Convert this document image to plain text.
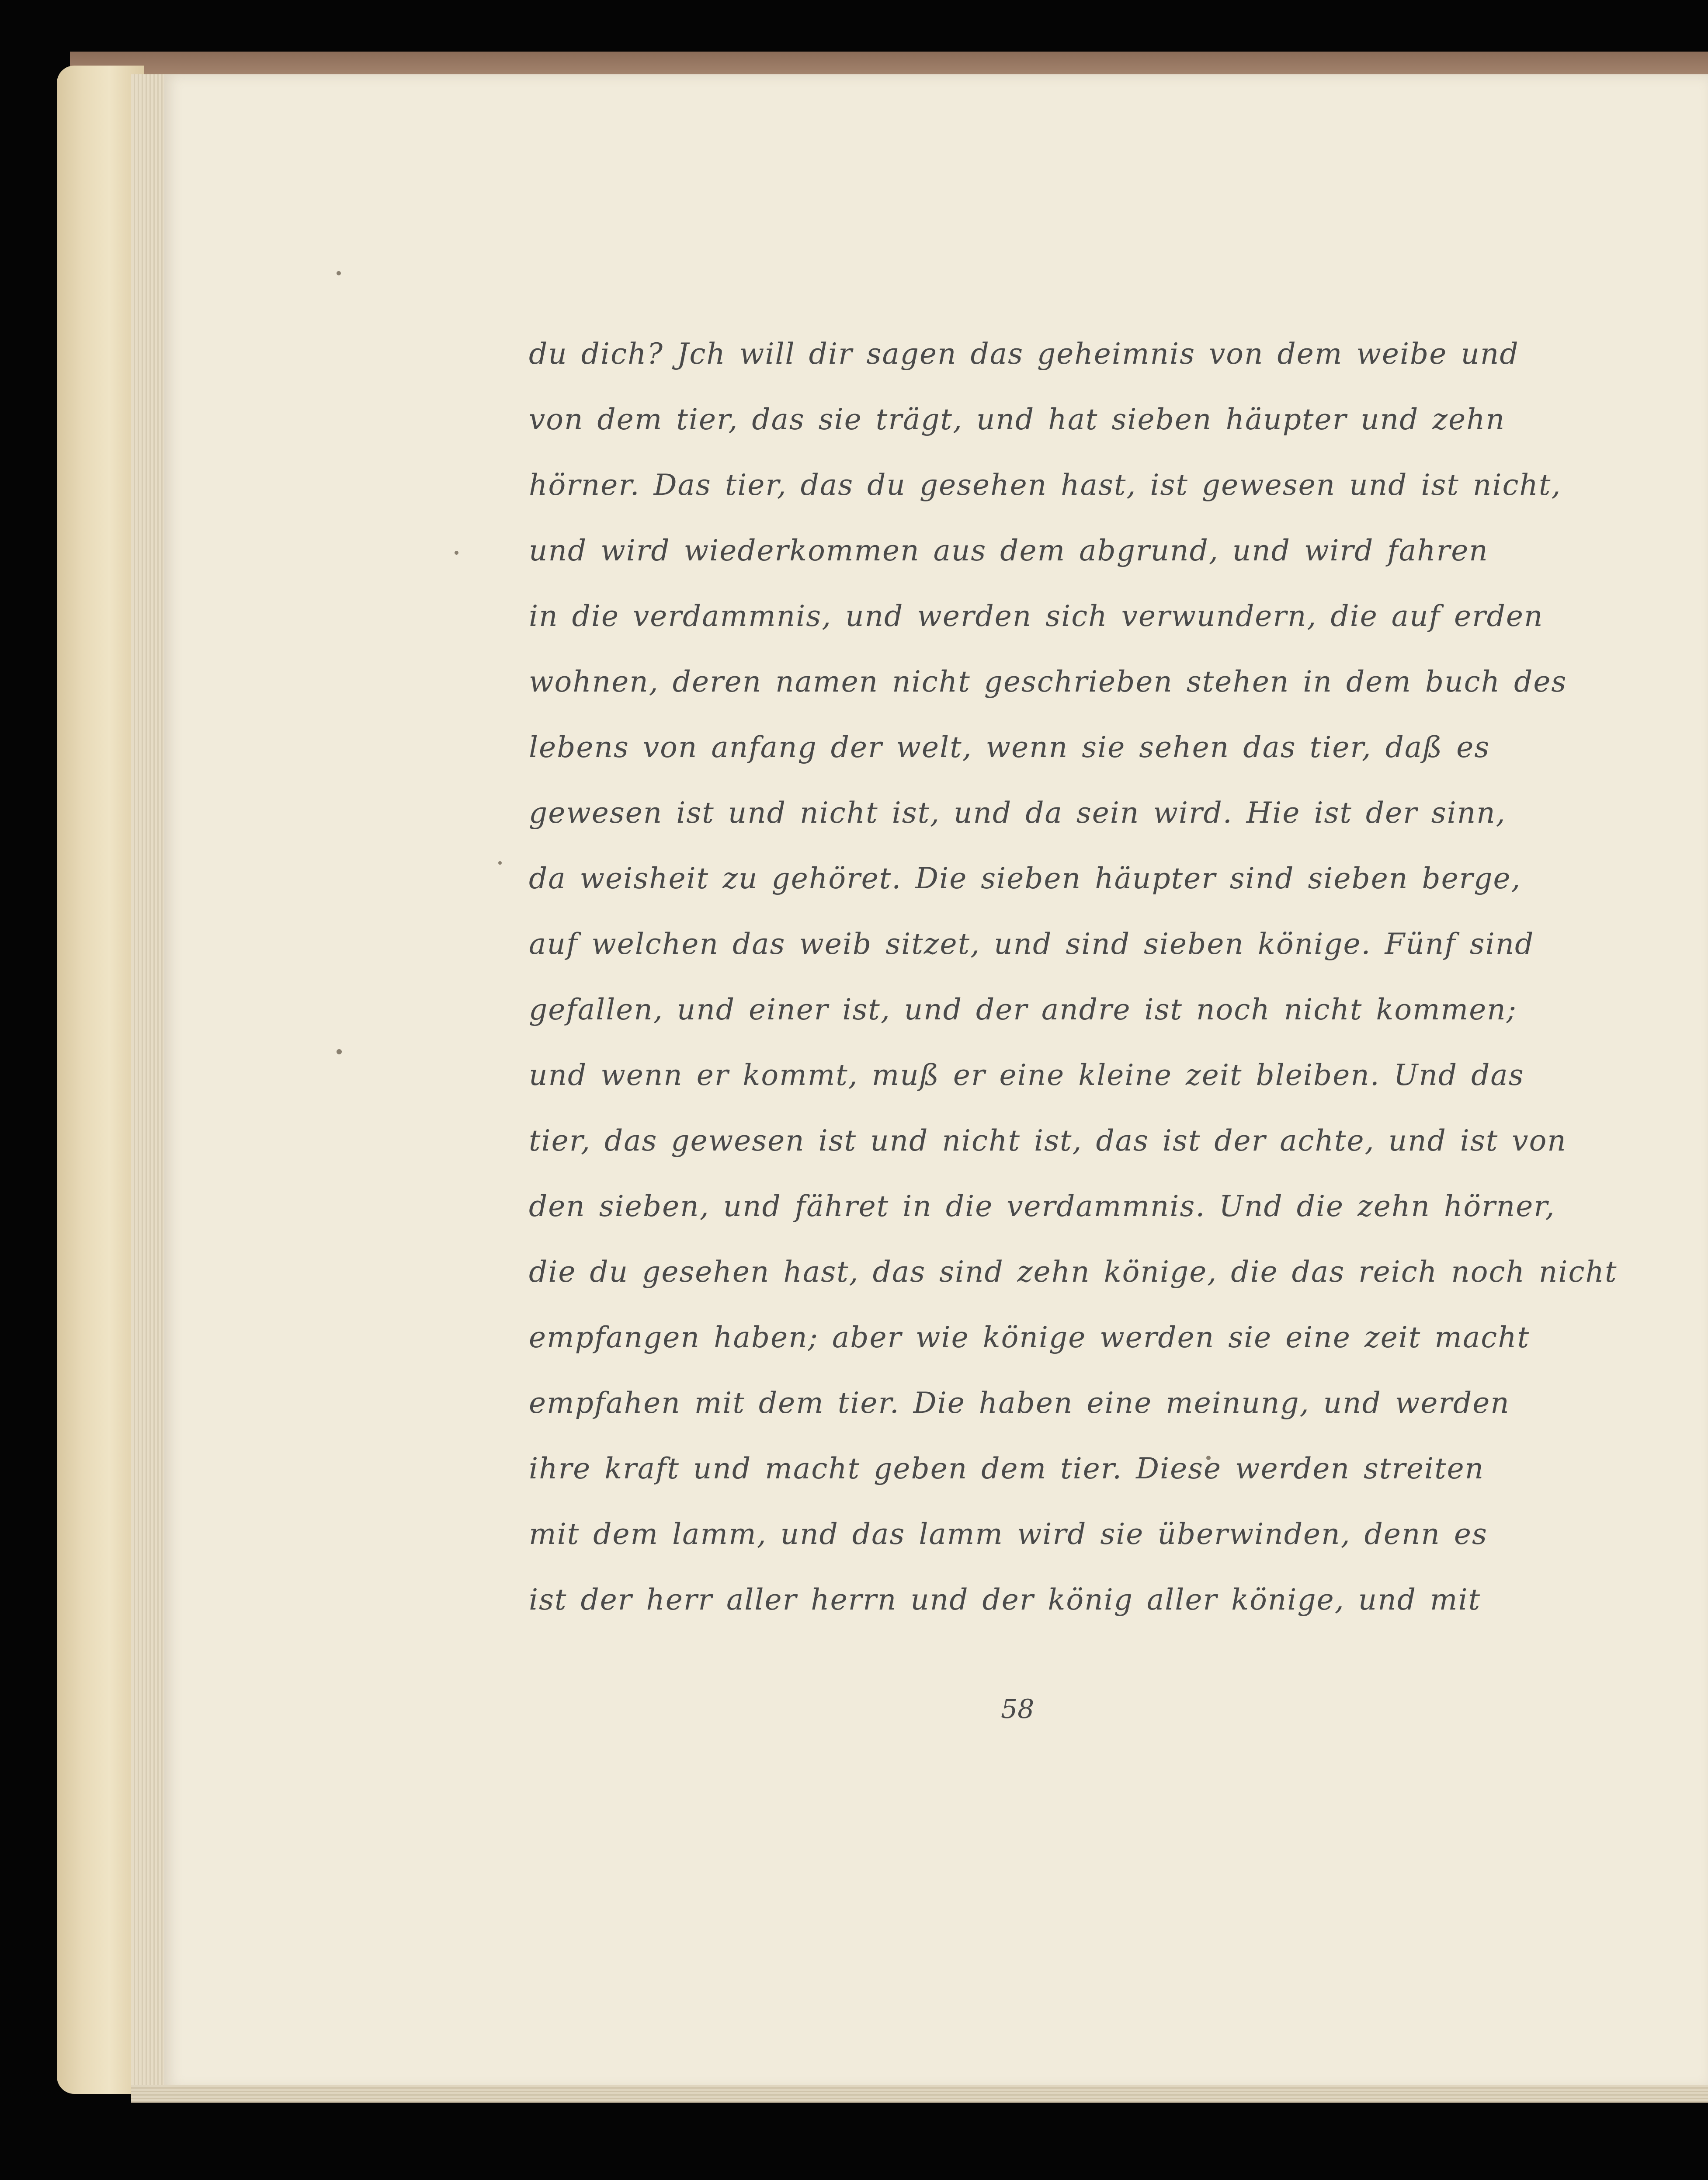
du dich? Jch will dir sagen das geheimnis von dem weibe und
von dem tier, das sie trägt, und hat sieben häupter und zehn
hörner. Das tier, das du gesehen hast, ist gewesen und ist nicht,
und wird wiederkommen aus dem abgrund, und wird fahren
in die verdammnis, und werden sich verwundern, die auf erden
wohnen, deren namen nicht geschrieben stehen in dem buch des
lebens von anfang der welt, wenn sie sehen das tier, daß es
gewesen ist und nicht ist, und da sein wird. Hie ist der sinn,
da weisheit zu gehöret. Die sieben häupter sind sieben berge,
auf welchen das weib sitzet, und sind sieben könige. Fünf sind
gefallen, und einer ist, und der andre ist noch nicht kommen;
und wenn er kommt, muß er eine kleine zeit bleiben. Und das
tier, das gewesen ist und nicht ist, das ist der achte, und ist von
den sieben, und fähret in die verdammnis. Und die zehn hörner,
die du gesehen hast, das sind zehn könige, die das reich noch nicht
empfangen haben; aber wie könige werden sie eine zeit macht
empfahen mit dem tier. Die haben eine meinung, und werden
ihre kraft und macht geben dem tier. Diese werden streiten
mit dem lamm, und das lamm wird sie überwinden, denn es
ist der herr aller herrn und der könig aller könige, und mit
58
